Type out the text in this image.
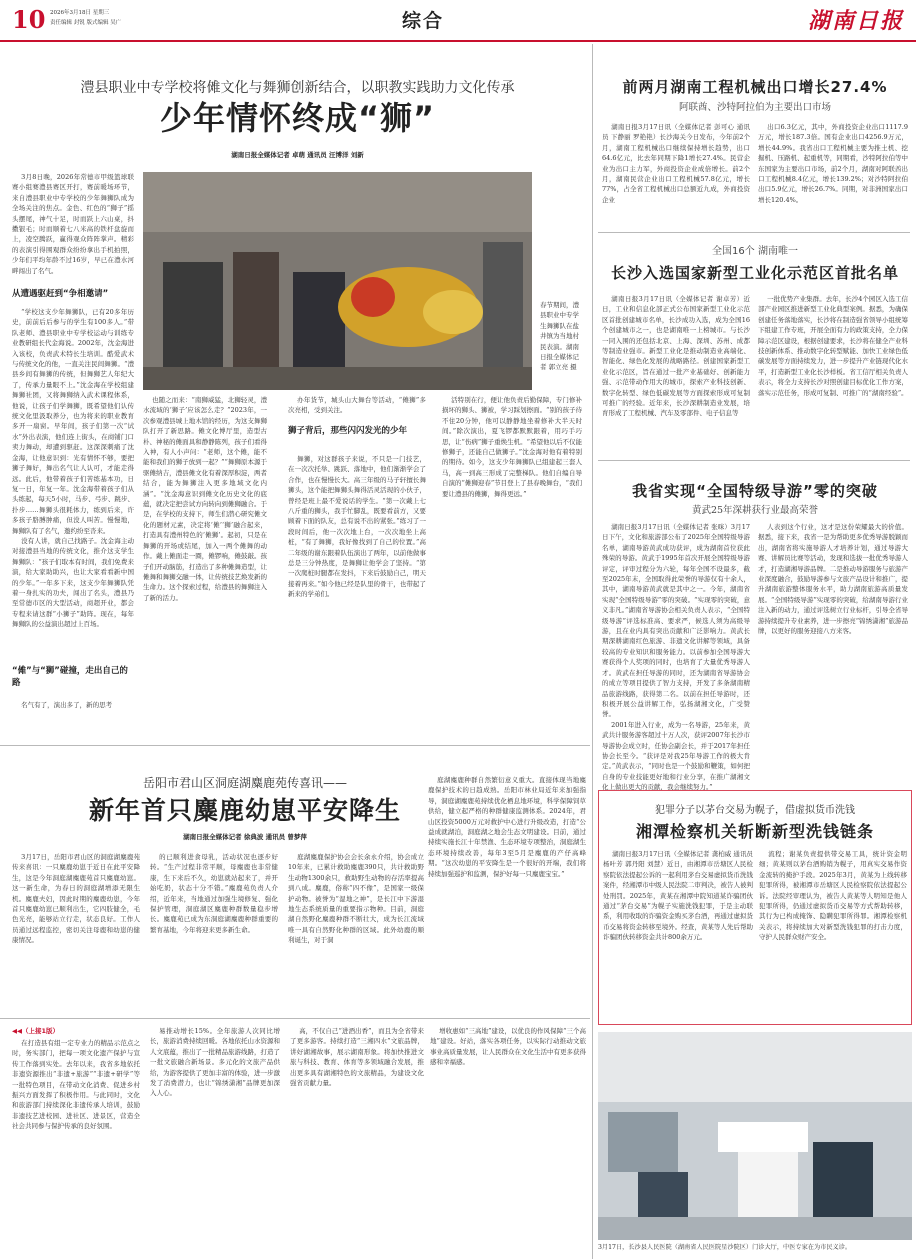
10 2026年3月18日 星期三
责任编辑 封锐 版式编辑 吴广	综合	湖南日报
澧县职业中专学校将傩文化与舞狮创新结合，以职教实践助力文化传承
少年情怀终成“狮”
湖南日报全媒体记者 卓萌 通讯员 汪博洋 刘新

3月8日晚，2026年常德市甲级篮球联赛小组赛澧县赛区开打，赛前暖场环节，来自澧县职业中专学校的少年舞狮队成为全场关注的焦点。金色、红色的“狮子”摇头摆尾，神气十足，时而跃上六山桌，抖擞银毛；时而顺着七八米高的铁杆盘旋而上，凌空腾跃，赢得观众阵阵掌声。精彩的表演引得围观群众纷纷拿出手机拍照，少年们平均年龄不过16岁，早已在澧水河畔闯出了名气。

从遭遇驱赶到“争相邀请”

“学校这支少年舞狮队，已有20多年历史，前前后后参与的学生有100多人。”带队老师、澧县职业中专学校运动与训练专业教研组长代金海说。2002年，沈金海进入该校，负责武术特长生培训。酷爱武术与传统文化的他，一直关注民间舞狮。“澧县乡间有舞狮的传统，但舞狮艺人年纪大了，传承力量眼不上。”沈金海在学校组建舞狮社团，又将舞狮纳入武术课程体系，他说，让孩子们学舞狮，既希望他们认传统文化里汲取养分，也为将来的职业教育多开一扇窗。早年间，孩子们第一次“试水”外出表演，他们连上街头，在商铺门口卖力舞动，却遭到驱赶。这深深刺痛了沈金海，让他意识到：光有情怀不够，要把狮子舞好，舞出名气让人认可，才能走得远。此后，他带着孩子们苦练基本功，日复一日，年复一年。沈金海带着孩子们从头练起，每天5小时，马步、弓步、跳步、扑步……舞狮头很耗体力，练到后来，许多孩子胳膊肿痛，但没人叫苦。慢慢地，舞狮队有了名气，邀约纷至沓来。

没有人讲，就自己找路子。沈金海主动对接澧县当地的传统文化，推介这支学生舞狮队：“孩子们取本有时间，我们免费来演，给大家助助兴，也让大家看看新中国的少年。”一年多下来，这支少年舞狮队凭着一身扎实的功夫，闯出了名头，澧县乃至常德市区的大型活动，商超开业，都会专程来请这群“小狮子”助阵。现在，每年舞狮队的公益演出超过上百场。

“傩”与“狮”碰撞，走出自己的路

名气有了，演出多了，新的思考

春节期间，澧县职业中专学生舞狮队在盐井镇为当地村民表演。湖南日报全媒体记者 郭立亮 摄

也随之而来：“南狮威猛，北狮轻灵，澧水流域的‘狮子’应该怎么走？”2023年，一次参观澧县城上地木馆的经历，为这支舞狮队打开了新思路。傩文化博厅里，造型古朴、神秘的傩面具和静静陈列，孩子们看得入神，有人小声问：“老师，这个傩，能不能和我们的狮子放到一起？”“舞狮原本源于驱傩纳吉，澧县傩文化有着深厚积淀，两者结合，能为舞狮注入更多地域文化内涵”。“沈金海意识到傩文化历史文化的底蕴，就决定把尝试方向转向到傩狮融合。于是，在学校的支持下，师生们潜心研究傩文化的题材元素，决定将‘傩’‘狮’融合起来，打造具有澧州特色的‘傩狮’。起初，只是在舞狮的开场或结尾，加入一两个傩舞的动作。戴上傩面走一圈，傩锣响，傩鼓敲。孩子们开动脑筋，打造出了多种傩舞造型，让傩舞和舞狮交融一体，让传统技艺焕发新的生命力。这个探索过程，给澧县的舞狮注入了新的活力。

办年货节，城头山大舞台等活动，“傩狮”多次亮相，受到关注。

狮子背后，那些闪闪发光的少年

舞狮，对这群孩子来说，不只是一门技艺，在一次次托举、跳跃、落地中，他们渐渐学会了合作，也在慢慢长大。高三年级的马子轩擅长舞狮头，这个能把舞狮头舞得活灵活现的小伙子，曾经是班上最不爱说话的学生。“第一次戴上七八斤重的狮头，我手忙脚乱，既要看前方，又要顾着下面的队友，总有说不出的紧张。”练习了一段时间后，他一次次地上台，一次次地坐上高桩，“有了舞狮，我好像找到了自己的位置。”高二年级的谢东跟着队伍演出了两年，以前他做事总是三分钟热度，是舞狮让他学会了坚持。“第一次爬桩时腿都在发抖，下来后鼓励自己，明天接着再来。”如今他已经是队里的骨干，也带起了新来的学弟们。

活特别在行，便让他负责后勤保障，专门修补损坏的狮头、狮被，学习踩划擦面。“别的孩子待不住20分钟，他可以静静地坐着修补大半天时间。”除次演出，夏飞锣都默默跟着，用巧手巧思，让“伤病”狮子重焕生机。“希望他以后不仅能修狮子，还能自己做狮子。”沈金海对他有着特别的期待。如今，这支少年舞狮队已组建起三套人马，高一到高三形成了完整梯队。他们自编自导自演的“傩狮迎春”节目登上了县春晚舞台，“我们要让澧县的傩狮，舞得更远。”

前两月湖南工程机械出口增长27.4%
阿联酋、沙特阿拉伯为主要出口市场

湖南日报3月17日讯（全媒体记者 彭可心 通讯员 下静丽 罗艳艳）长沙海关今日发布，今年前2个月，湖南工程机械出口继续保持增长趋势，出口64.6亿元，比去年同期下降1增长27.4%。民营企业为出口主力军，外商投资企业成倍增长。前2个月，湖南民营企业出口工程机械57.8亿元，增长77%，占全省工程机械出口总额近九成，外商投资企业

出口6.3亿元，其中，外商投资企业出口1117.9万元，增长187.3倍。国有企业出口4256.9万元，增长44.9%。我省出口工程机械主要为推土机、挖掘机、压路机、起重机等，同期看，沙特阿拉伯等中东国家为主要出口市场，前2个月，湖南对阿联酋出口工程机械8.4亿元，增长139.2%；对沙特阿拉伯出口5.9亿元，增长26.7%。同期，对非洲国家出口增长120.4%。

全国16个 湖南唯一
长沙入选国家新型工业化示范区首批名单

湖南日报3月17日讯（全媒体记者 谢卓芳）近日，工业和信息化部正式公布国家新型工业化示范区首批创建城市名单，长沙成功入选，成为全国16个创建城市之一，也是湖南唯一上榜城市。与长沙一同入围的还包括北京、上海、深圳、苏州、成都等制造业强市。新型工业化是推动制造业高端化、智能化、绿色化发展的战略路径。创建国家新型工业化示范区，旨在通过一批产业基础好、创新能力强、示范带动作用大的城市，探索产业科技创新、数字化转型、绿色低碳发展等方面探索形成可复制可推广的经验。近年来，长沙深耕制造业发展，培育形成了工程机械、汽车及零部件、电子信息等

一批优势产业集群。去年，长沙4个园区入选工信部产业园区推进新型工业化典型案例。据悉，为确保创建任务落地落实，长沙将在制造强省领导小组统筹下组建工作专班，开展全面有力的政策支持，全力保障示范区建设，根据创建要求，长沙将在健全产业科技创新体系、推动数字化转型赋能、加快工业绿色低碳发展等方面持续发力，进一步提升产业链现代化水平，打造新型工业化长沙样板。省工信厅相关负责人表示，将全力支持长沙对照创建目标优化工作方案，落实示范任务，形成可复制、可推广的“湖南经验”。

我省实现“全国特级导游”零的突破
黄武25年深耕获行业最高荣誉

湖南日报3月17日讯（全媒体记者 张咪）3月17日下午，文化和旅游部公布了2025年全国特级导游名单，湖南导游黄武成功获评，成为湖南首位获此殊荣的导游。黄武于1995年首次开展全国特级导游评定，评审过程分为六轮，每年全国不设最多，截至2025年末，全国取得此荣誉的导游仅有十余人，其中，湖南导游黄武就是其中之一。今年，湖南省实现“全国特级导游”零的突破。“实现零的突破，意义非凡。”湖南省导游协会相关负责人表示，“全国特级导游”评选标准高、要求严，候选人须为高级导游，且在业内具有突出贡献和广泛影响力。黄武长期深耕湖南红色旅游、非遗文化讲解等领域，具备较高的专业知识和服务能力。以前参加全国导游大赛获得个人奖项的同时，也培育了大量优秀导游人才。黄武在担任导游的同时，还为湖南省导游协会的成立等项目提供了智力支持，开发了多条湖南精品旅游线路，获得第二名。以前在担任导游时，还积极开展公益讲解工作，弘扬湖湘文化，广受赞誉。

2001年进入行业，成为一名导游，25年来，黄武共计服务游客超过十万人次，获评2007年长沙市导游协会成立时，任协会副会长，并于2017年担任协会长至今。“获评是对我25年导游工作的极大肯定。”黄武表示，“同时也是一个鼓励和鞭策，如何把自身的专业技能更好地和行业分享，在推广湖湘文化上做出更大的贡献，我会继续努力。”

人表到这个行业，这才是这份荣耀最大的价值。据悉，接下来，我省一是为帮助更多优秀导游脱颖而出，湖南省将实施导游人才培养计划，通过导游大赛、讲解员比赛等活动，发现和选拔一批优秀导游人才，打造湖湘导游品牌。二是推动导游服务与旅游产业深度融合，鼓励导游参与文旅产品设计和推广，提升湖南旅游整体服务水平，助力湖南旅游高质量发展。“全国特级导游”实现零的突破，给湖南导游行业注入新的动力，通过评选树立行业标杆，引导全省导游持续提升专业素养，进一步擦亮“锦绣潇湘”旅游品牌，以更好的服务迎接八方来客。

岳阳市君山区洞庭湖麋鹿苑传喜讯——
新年首只麋鹿幼崽平安降生
湖南日报全媒体记者 徐典波 通讯员 曾梦萍

3月17日，岳阳市君山区的洞庭湖麋鹿苑传来喜讯：一只麋鹿幼崽于近日在此平安降生，这是今年洞庭湖麋鹿苑首只麋鹿幼崽。这一新生命，为春日的洞庭湖增添无限生机。麋鹿夫妇，因此时期的麋鹿幼崽，今年首只麋鹿幼崽已顺利出生，它四肢健全，毛色光亮，能够站立行走，状态良好。工作人员通过远程监控，密切关注母鹿和幼崽的健康情况。

的已顺利进食母乳，活动状况也逐步好转。“生产过程非常平顺，母麋鹿也非常健康，生下来后不久，幼崽就站起来了，并开始吃奶，状态十分不错。”麋鹿苑负责人介绍，近年来，当地通过加强生境修复、强化保护管理，洞庭湖区麋鹿种群数量稳步增长。麋鹿苑已成为东洞庭湖麋鹿种群重要的繁育基地，今年将迎来更多新生命。

庭湖麋鹿保护协会会长余永介绍，协会成立10年来，已累计救助麋鹿390只，共计救助野生动物1300余只，救助野生动物的存活率提高到八成。麋鹿，俗称“四不像”，是国家一级保护动物。被誉为“湿地之神”，是长江中下游湿地生态系统质量的重要指示物种。目前，洞庭湖自然野化麋鹿种群不断壮大，成为长江流域唯一具有自然野化种群的区域。此外幼鹿的顺利诞生，对于洞

庭湖麋鹿种群自然繁衍意义重大。直接体现当地麋鹿保护技术的日趋成熟。岳阳市林业局近年来加强指导，洞庭湖麋鹿苑持续优化栖息地环境，科学保障饲草供给，健立起严格的种群健康监测体系。2024年，君山区投资5000万元对救护中心进行升级改造，打造“公益成就湖泊，洞庭湖之地会生态文明建设。目前，通过持续实施长江十年禁渔、生态环境专项整治，洞庭湖生态环境持续改善，每年3至5月是麋鹿的产仔高峰期。“这次幼崽的平安降生是一个很好的开端，我们将持续加强巡护和监测，保护好每一只麋鹿宝宝。”

犯罪分子以茅台交易为幌子，借虚拟货币洗钱
湘潭检察机关斩断新型洗钱链条

湖南日报3月17日讯（全媒体记者 龚柏威 通讯员 杨叶芳 郭丹阳 刘慧）近日，由湘潭市岳塘区人民检察院依法提起公诉的一起利用茅台交易虚拟货币洗钱案件，经湘潭市中级人民法院二审判决，被告人被判处刑罚。2025年，黄某在湘潭中院知道某诈骗团伙通过“茅台交易”为幌子实施洗钱犯罪，于是主动联系，利用收取的诈骗资金购买茅台酒，再通过虚拟货币交易将资金转移至境外。经查，黄某等人先后帮助诈骗团伙转移资金共计800余万元。

流程；谢某负责提供带交易工具，统计资金明细；黄某则以茅台酒购销为幌子，用真实交易作资金流转的掩护手段。2025年3月，黄某为上线转移犯罪所得，被湘潭市岳塘区人民检察院依法提起公诉。法院经审理认为，被告人黄某等人明知是他人犯罪所得，仍通过虚拟货币交易等方式帮助转移，其行为已构成掩饰、隐瞒犯罪所得罪。湘潭检察机关表示，将持续加大对新型洗钱犯罪的打击力度，守护人民群众财产安全。

◀◀（上接1版）

在打造县有组一定专业力的精品示范点之时，务实部门，把每一项文化遗产保护与宣传工作落到实处。去年以来，我省多地依托非遗资源推出“非遗+旅游”“非遗+研学”等一批特色项目，在带动文化消费、促进乡村振兴方面发挥了积极作用。与此同时，文化和旅游部门持续深化非遗传承人培训，鼓励非遗技艺进校园、进社区、进景区，营造全社会共同参与保护传承的良好氛围。

易推动增长15%。全年旅游人次同比增长，旅游消费持续回暖。各地依托山水资源和人文底蕴，推出了一批精品旅游线路，打造了一批文旅融合新场景。多元化的文旅产品供给，为游客提供了更加丰富的体验，进一步激发了消费潜力，也让“锦绣潇湘”品牌更加深入人心。

高，不仅自己“进酒出香”，而且为全省带来了更多游客。持续打造“三湘四水”文旅品牌，讲好湖湘故事，展示湖南形象。将加快推进文旅与科技、教育、体育等多领域融合发展，推出更多具有湖湘特色的文旅精品，为建设文化强省贡献力量。

增收惠如“三高地”建设，以优良的作风保障“三个高地”建设。好站，落实各项任务，以实际行动推动文旅事业高质量发展，让人民群众在文化生活中有更多获得感和幸福感。

3月17日，长沙县人民医院（湖南省人民医院星沙院区）门诊大厅，中医专家在为市民义诊。
